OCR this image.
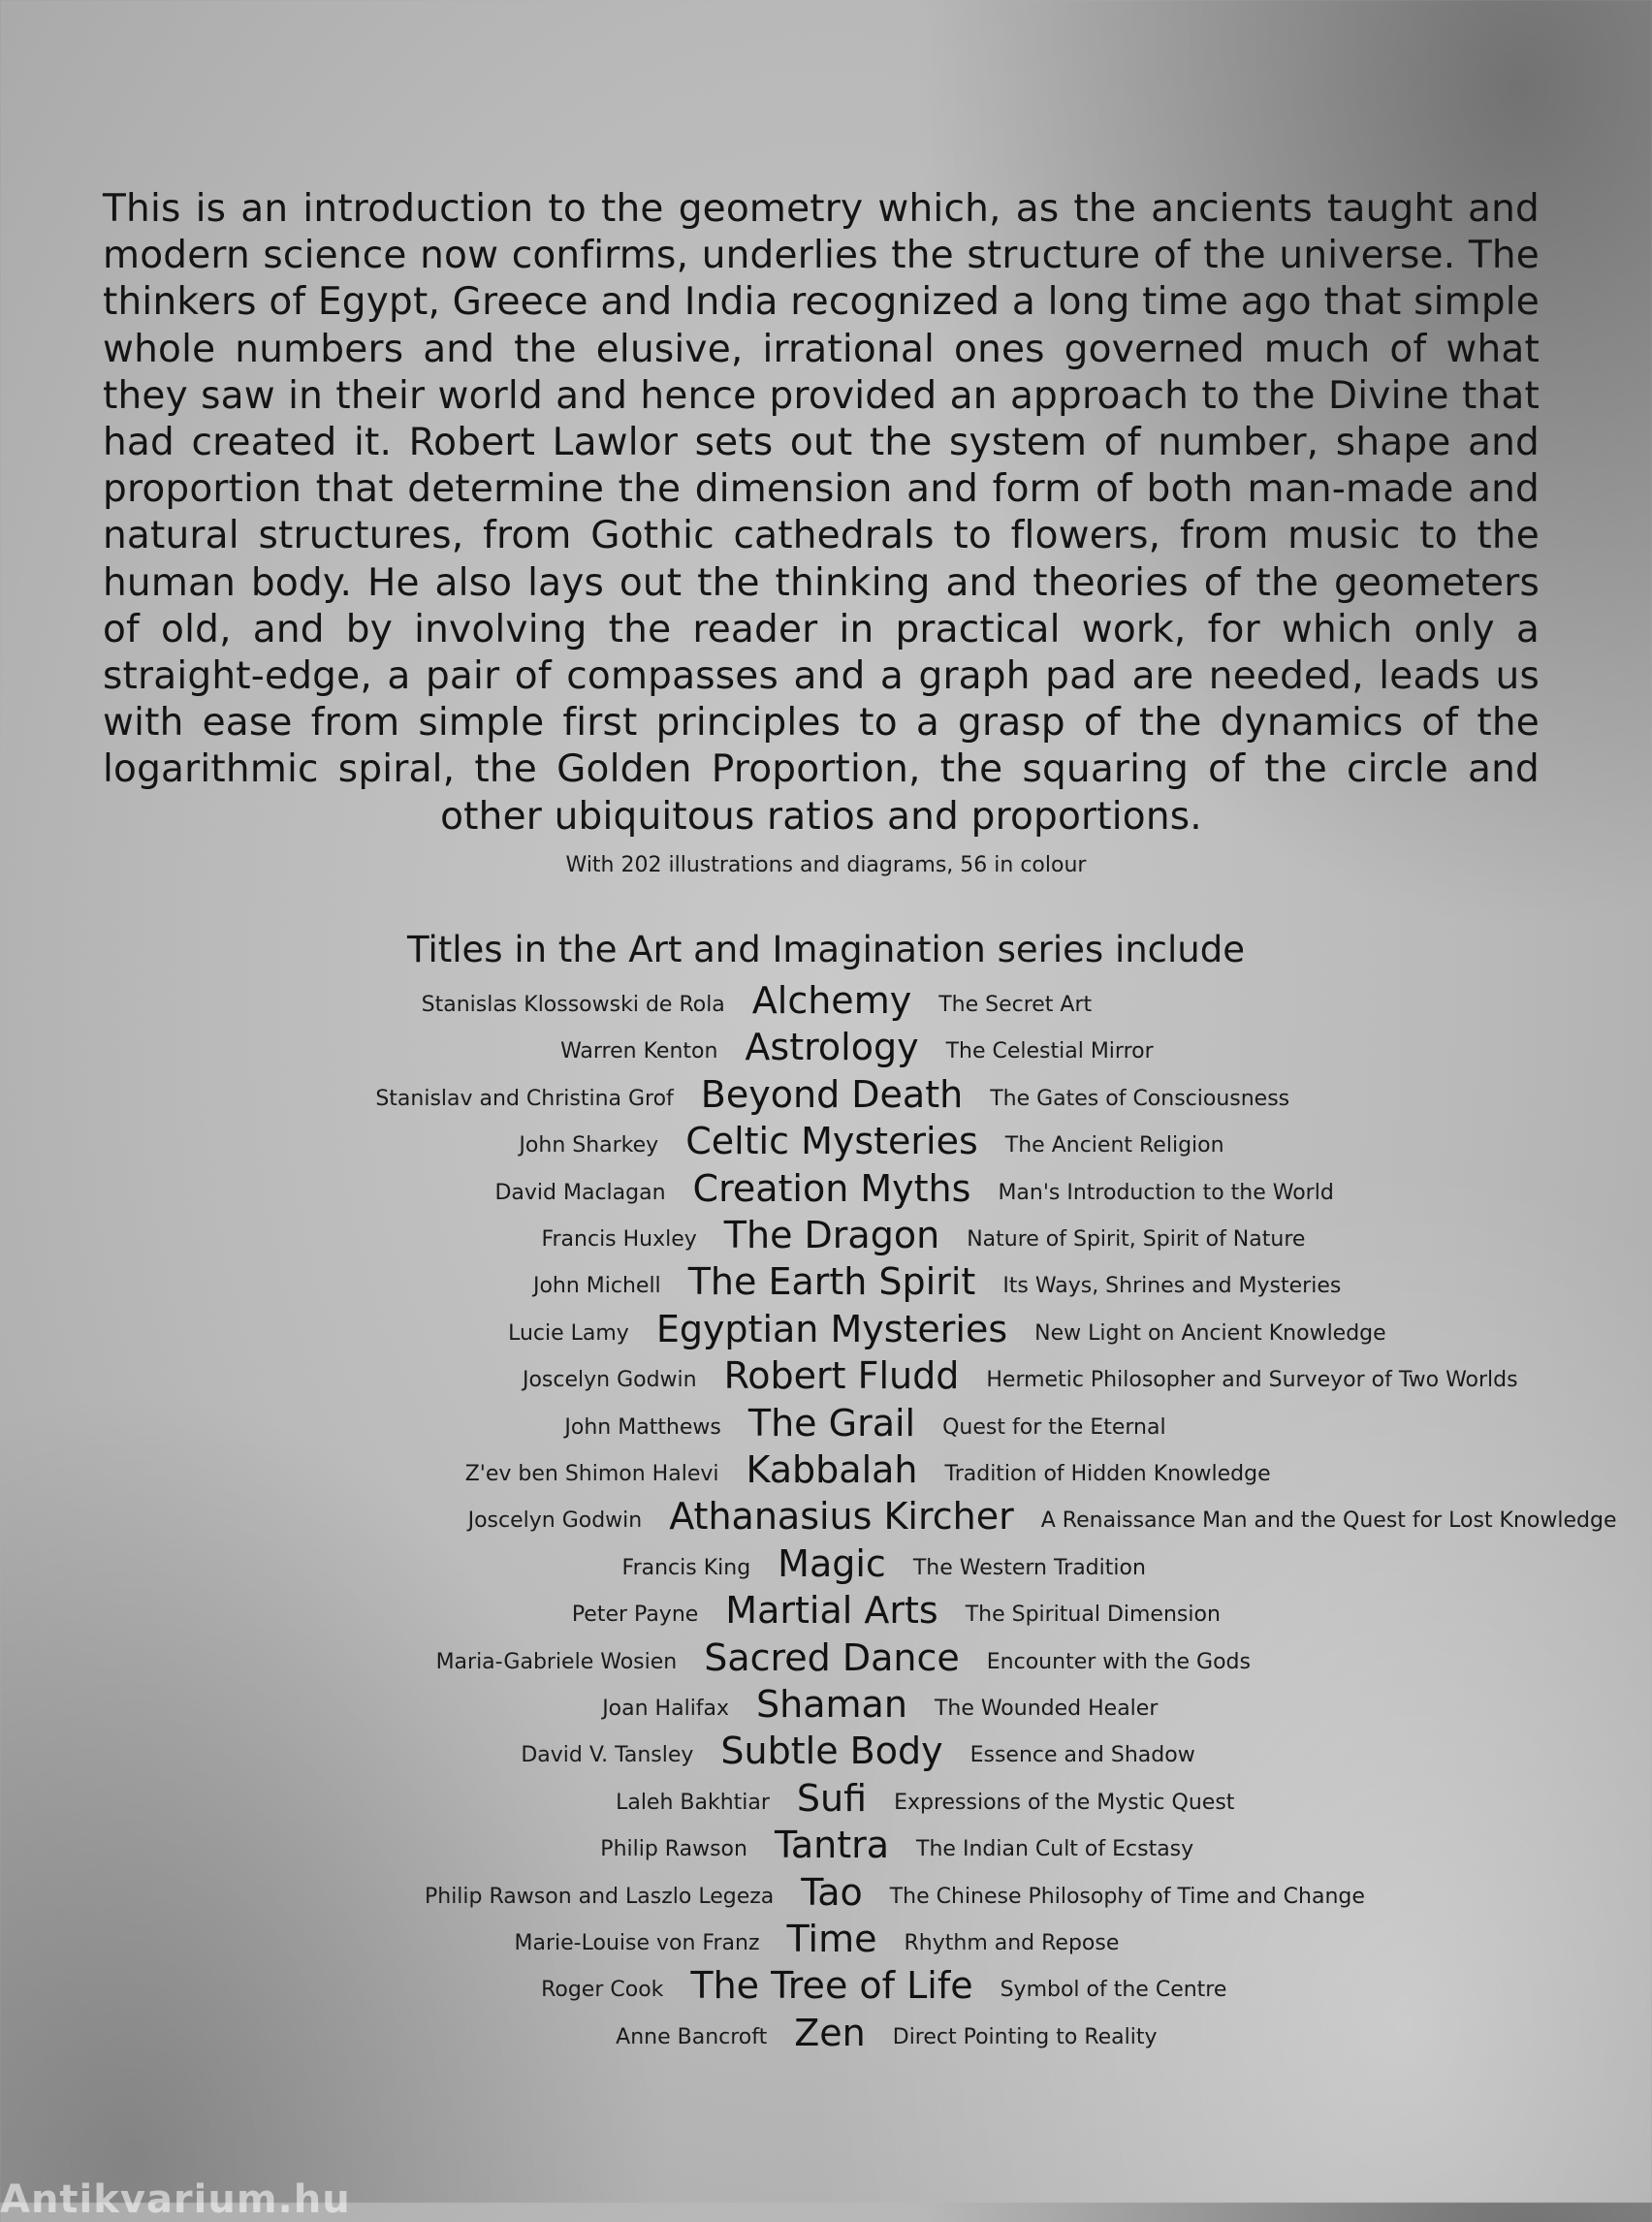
This is an introduction to the geometry which, as the ancients taught and modern science now confirms, underlies the structure of the universe. The thinkers of Egypt, Greece and India recognized a long time ago that simple whole numbers and the elusive, irrational ones governed much of what they saw in their world and hence provided an approach to the Divine that had created it. Robert Lawlor sets out the system of number, shape and proportion that determine the dimension and form of both man-made and natural structures, from Gothic cathedrals to flowers, from music to the human body. He also lays out the thinking and theories of the geometers of old, and by involving the reader in practical work, for which only a straight-edge, a pair of compasses and a graph pad are needed, leads us with ease from simple first principles to a grasp of the dynamics of the logarithmic spiral, the Golden Proportion, the squaring of the circle and other ubiquitous ratios and proportions.

With 202 illustrations and diagrams, 56 in colour
Titles in the Art and Imagination series include
Stanislas Klossowski de Rola Alchemy The Secret Art
Warren Kenton Astrology The Celestial Mirror
Stanislav and Christina Grof Beyond Death The Gates of Consciousness
John Sharkey Celtic Mysteries The Ancient Religion
David Maclagan Creation Myths Man's Introduction to the World
Francis Huxley The Dragon Nature of Spirit, Spirit of Nature
John Michell The Earth Spirit Its Ways, Shrines and Mysteries
Lucie Lamy Egyptian Mysteries New Light on Ancient Knowledge
Joscelyn Godwin Robert Fludd Hermetic Philosopher and Surveyor of Two Worlds
John Matthews The Grail Quest for the Eternal
Z'ev ben Shimon Halevi Kabbalah Tradition of Hidden Knowledge
Joscelyn Godwin Athanasius Kircher A Renaissance Man and the Quest for Lost Knowledge
Francis King Magic The Western Tradition
Peter Payne Martial Arts The Spiritual Dimension
Maria-Gabriele Wosien Sacred Dance Encounter with the Gods
Joan Halifax Shaman The Wounded Healer
David V. Tansley Subtle Body Essence and Shadow
Laleh Bakhtiar Sufi Expressions of the Mystic Quest
Philip Rawson Tantra The Indian Cult of Ecstasy
Philip Rawson and Laszlo Legeza Tao The Chinese Philosophy of Time and Change
Marie-Louise von Franz Time Rhythm and Repose
Roger Cook The Tree of Life Symbol of the Centre
Anne Bancroft Zen Direct Pointing to Reality
Antikvarium.hu
